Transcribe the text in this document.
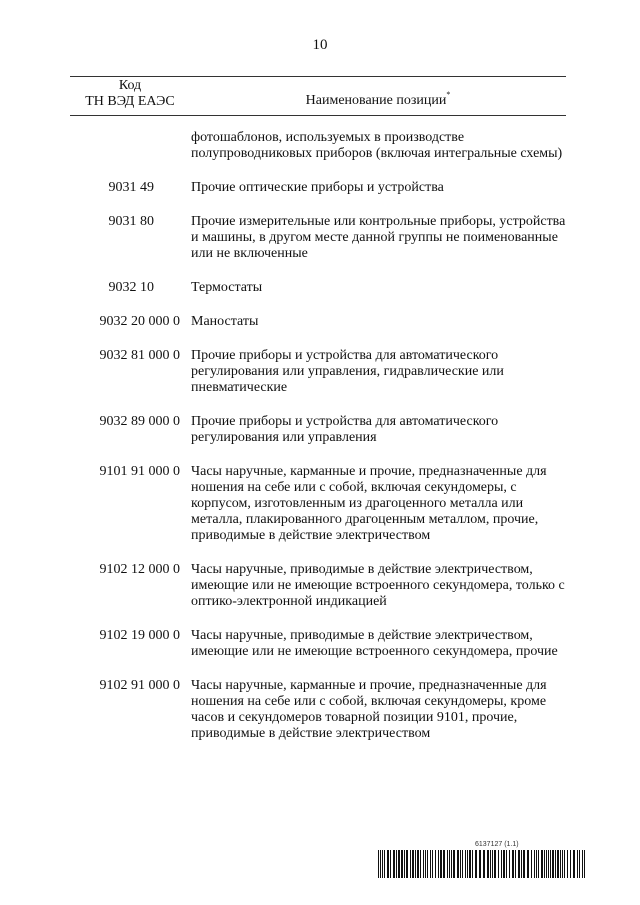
10
Код
ТН ВЭД ЕАЭС	Наименование позиции*
фотошаблонов, используемых в производстве полупроводниковых приборов (включая интегральные схемы)
9031 49	Прочие оптические приборы и устройства
9031 80	Прочие измерительные или контрольные приборы, устройства и машины, в другом месте данной группы не поименованные или не включенные
9032 10	Термостаты
9032 20 000 0 Маностаты
9032 81 000 0 Прочие приборы и устройства для автоматического регулирования или управления, гидравлические или пневматические
9032 89 000 0 Прочие приборы и устройства для автоматического регулирования или управления
9101 91 000 0 Часы наручные, карманные и прочие, предназначенные для ношения на себе или с собой, включая секундомеры, с корпусом, изготовленным из драгоценного металла или металла, плакированного драгоценным металлом, прочие, приводимые в действие электричеством
9102 12 000 0 Часы наручные, приводимые в действие электричеством, имеющие или не имеющие встроенного секундомера, только с оптико-электронной индикацией
9102 19 000 0 Часы наручные, приводимые в действие электричеством, имеющие или не имеющие встроенного секундомера, прочие
9102 91 000 0 Часы наручные, карманные и прочие, предназначенные для ношения на себе или с собой, включая секундомеры, кроме часов и секундомеров товарной позиции 9101, прочие, приводимые в действие электричеством
6137127 (1.1)
